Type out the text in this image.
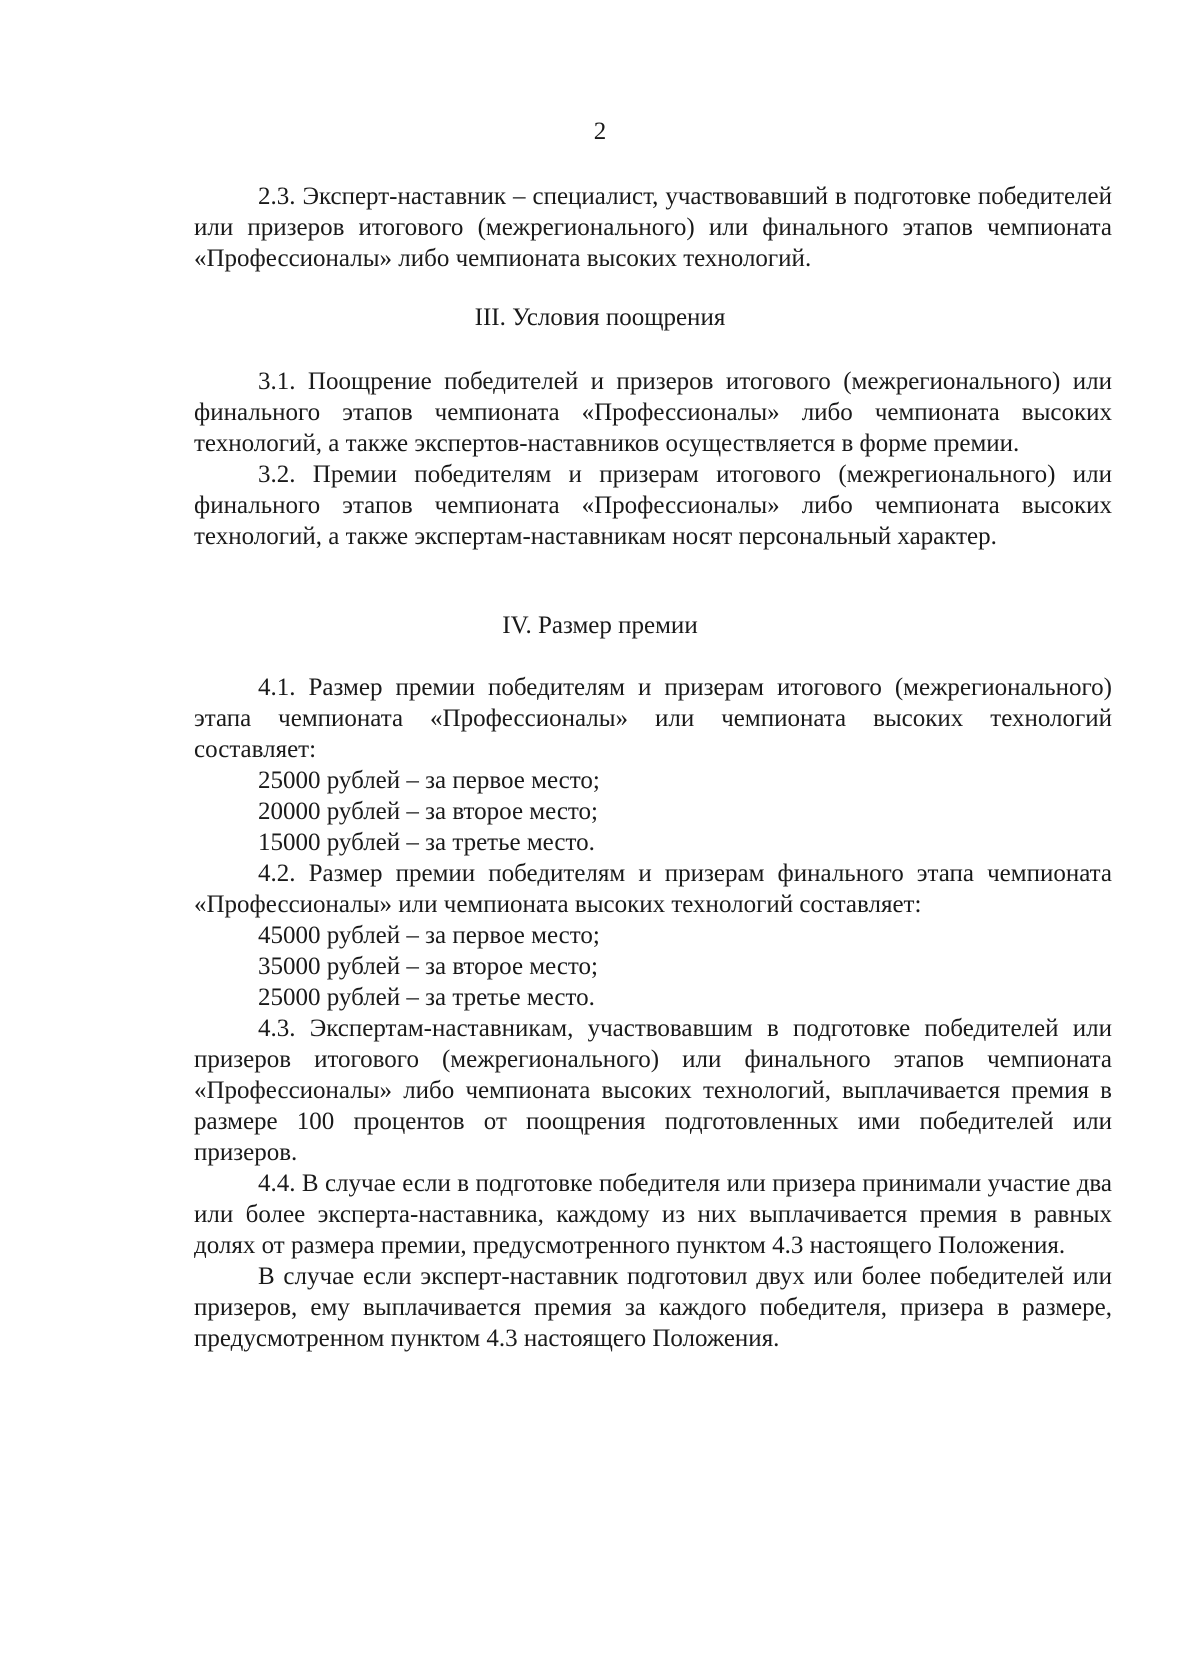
2

2.3. Эксперт-наставник – специалист, участвовавший в подготовке победителей или призеров итогового (межрегионального) или финального этапов чемпионата «Профессионалы» либо чемпионата высоких технологий.

III. Условия поощрения

3.1. Поощрение победителей и призеров итогового (межрегионального) или финального этапов чемпионата «Профессионалы» либо чемпионата высоких технологий, а также экспертов-наставников осуществляется в форме премии.

3.2. Премии победителям и призерам итогового (межрегионального) или финального этапов чемпионата «Профессионалы» либо чемпионата высоких технологий, а также экспертам-наставникам носят персональный характер.

IV. Размер премии

4.1. Размер премии победителям и призерам итогового (межрегионального) этапа чемпионата «Профессионалы» или чемпионата высоких технологий составляет:

25000 рублей – за первое место;

20000 рублей – за второе место;

15000 рублей – за третье место.

4.2. Размер премии победителям и призерам финального этапа чемпионата «Профессионалы» или чемпионата высоких технологий составляет:

45000 рублей – за первое место;

35000 рублей – за второе место;

25000 рублей – за третье место.

4.3. Экспертам-наставникам, участвовавшим в подготовке победителей или призеров итогового (межрегионального) или финального этапов чемпионата «Профессионалы» либо чемпионата высоких технологий, выплачивается премия в размере 100 процентов от поощрения подготовленных ими победителей или призеров.

4.4. В случае если в подготовке победителя или призера принимали участие два или более эксперта-наставника, каждому из них выплачивается премия в равных долях от размера премии, предусмотренного пунктом 4.3 настоящего Положения.

В случае если эксперт-наставник подготовил двух или более победителей или призеров, ему выплачивается премия за каждого победителя, призера в размере, предусмотренном пунктом 4.3 настоящего Положения.
